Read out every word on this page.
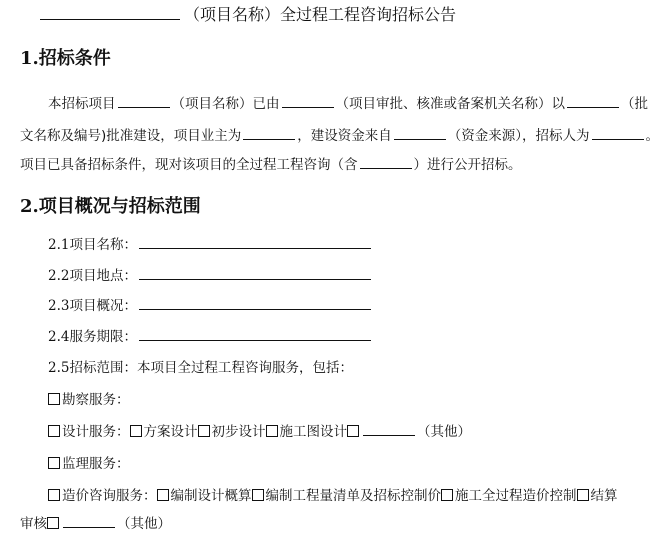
（项目名称）全过程工程咨询招标公告
1.招标条件
本招标项目	（项目名称）已由	（项目审批、核准或备案机关名称）以	（批
文名称及编号)批准建设，项目业主为	，建设资金来自	（资金来源），招标人为	。
项目已具备招标条件，现对该项目的全过程工程咨询（含	）进行公开招标。
2.项目概况与招标范围
2.1项目名称：
2.2项目地点：
2.3项目概况：
2.4服务期限：
2.5招标范围：本项目全过程工程咨询服务，包括：
勘察服务：
设计服务： 方案设计 初步设计 施工图设计	（其他）
监理服务：
造价咨询服务： 编制设计概算 编制工程量清单及招标控制价 施工全过程造价控制 结算
审核	（其他）
